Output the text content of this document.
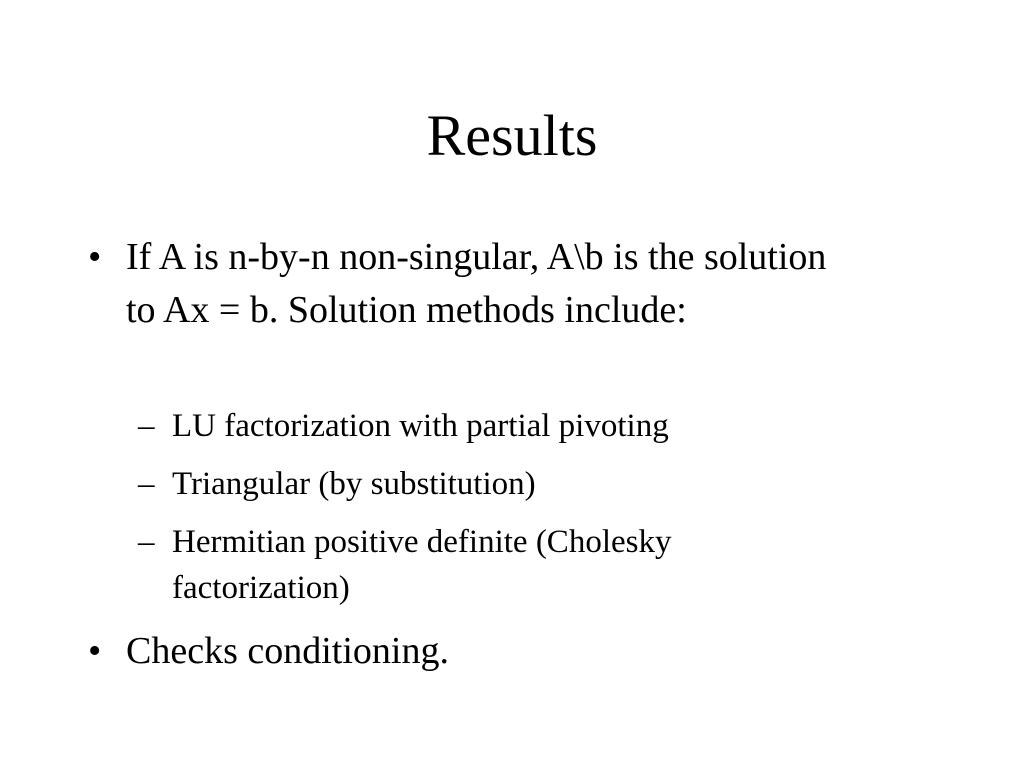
Results
• If A is n-by-n non-singular, A\b is the solution to Ax = b. Solution methods include:
– LU factorization with partial pivoting
– Triangular (by substitution)
– Hermitian positive definite (Cholesky factorization)
• Checks conditioning.
